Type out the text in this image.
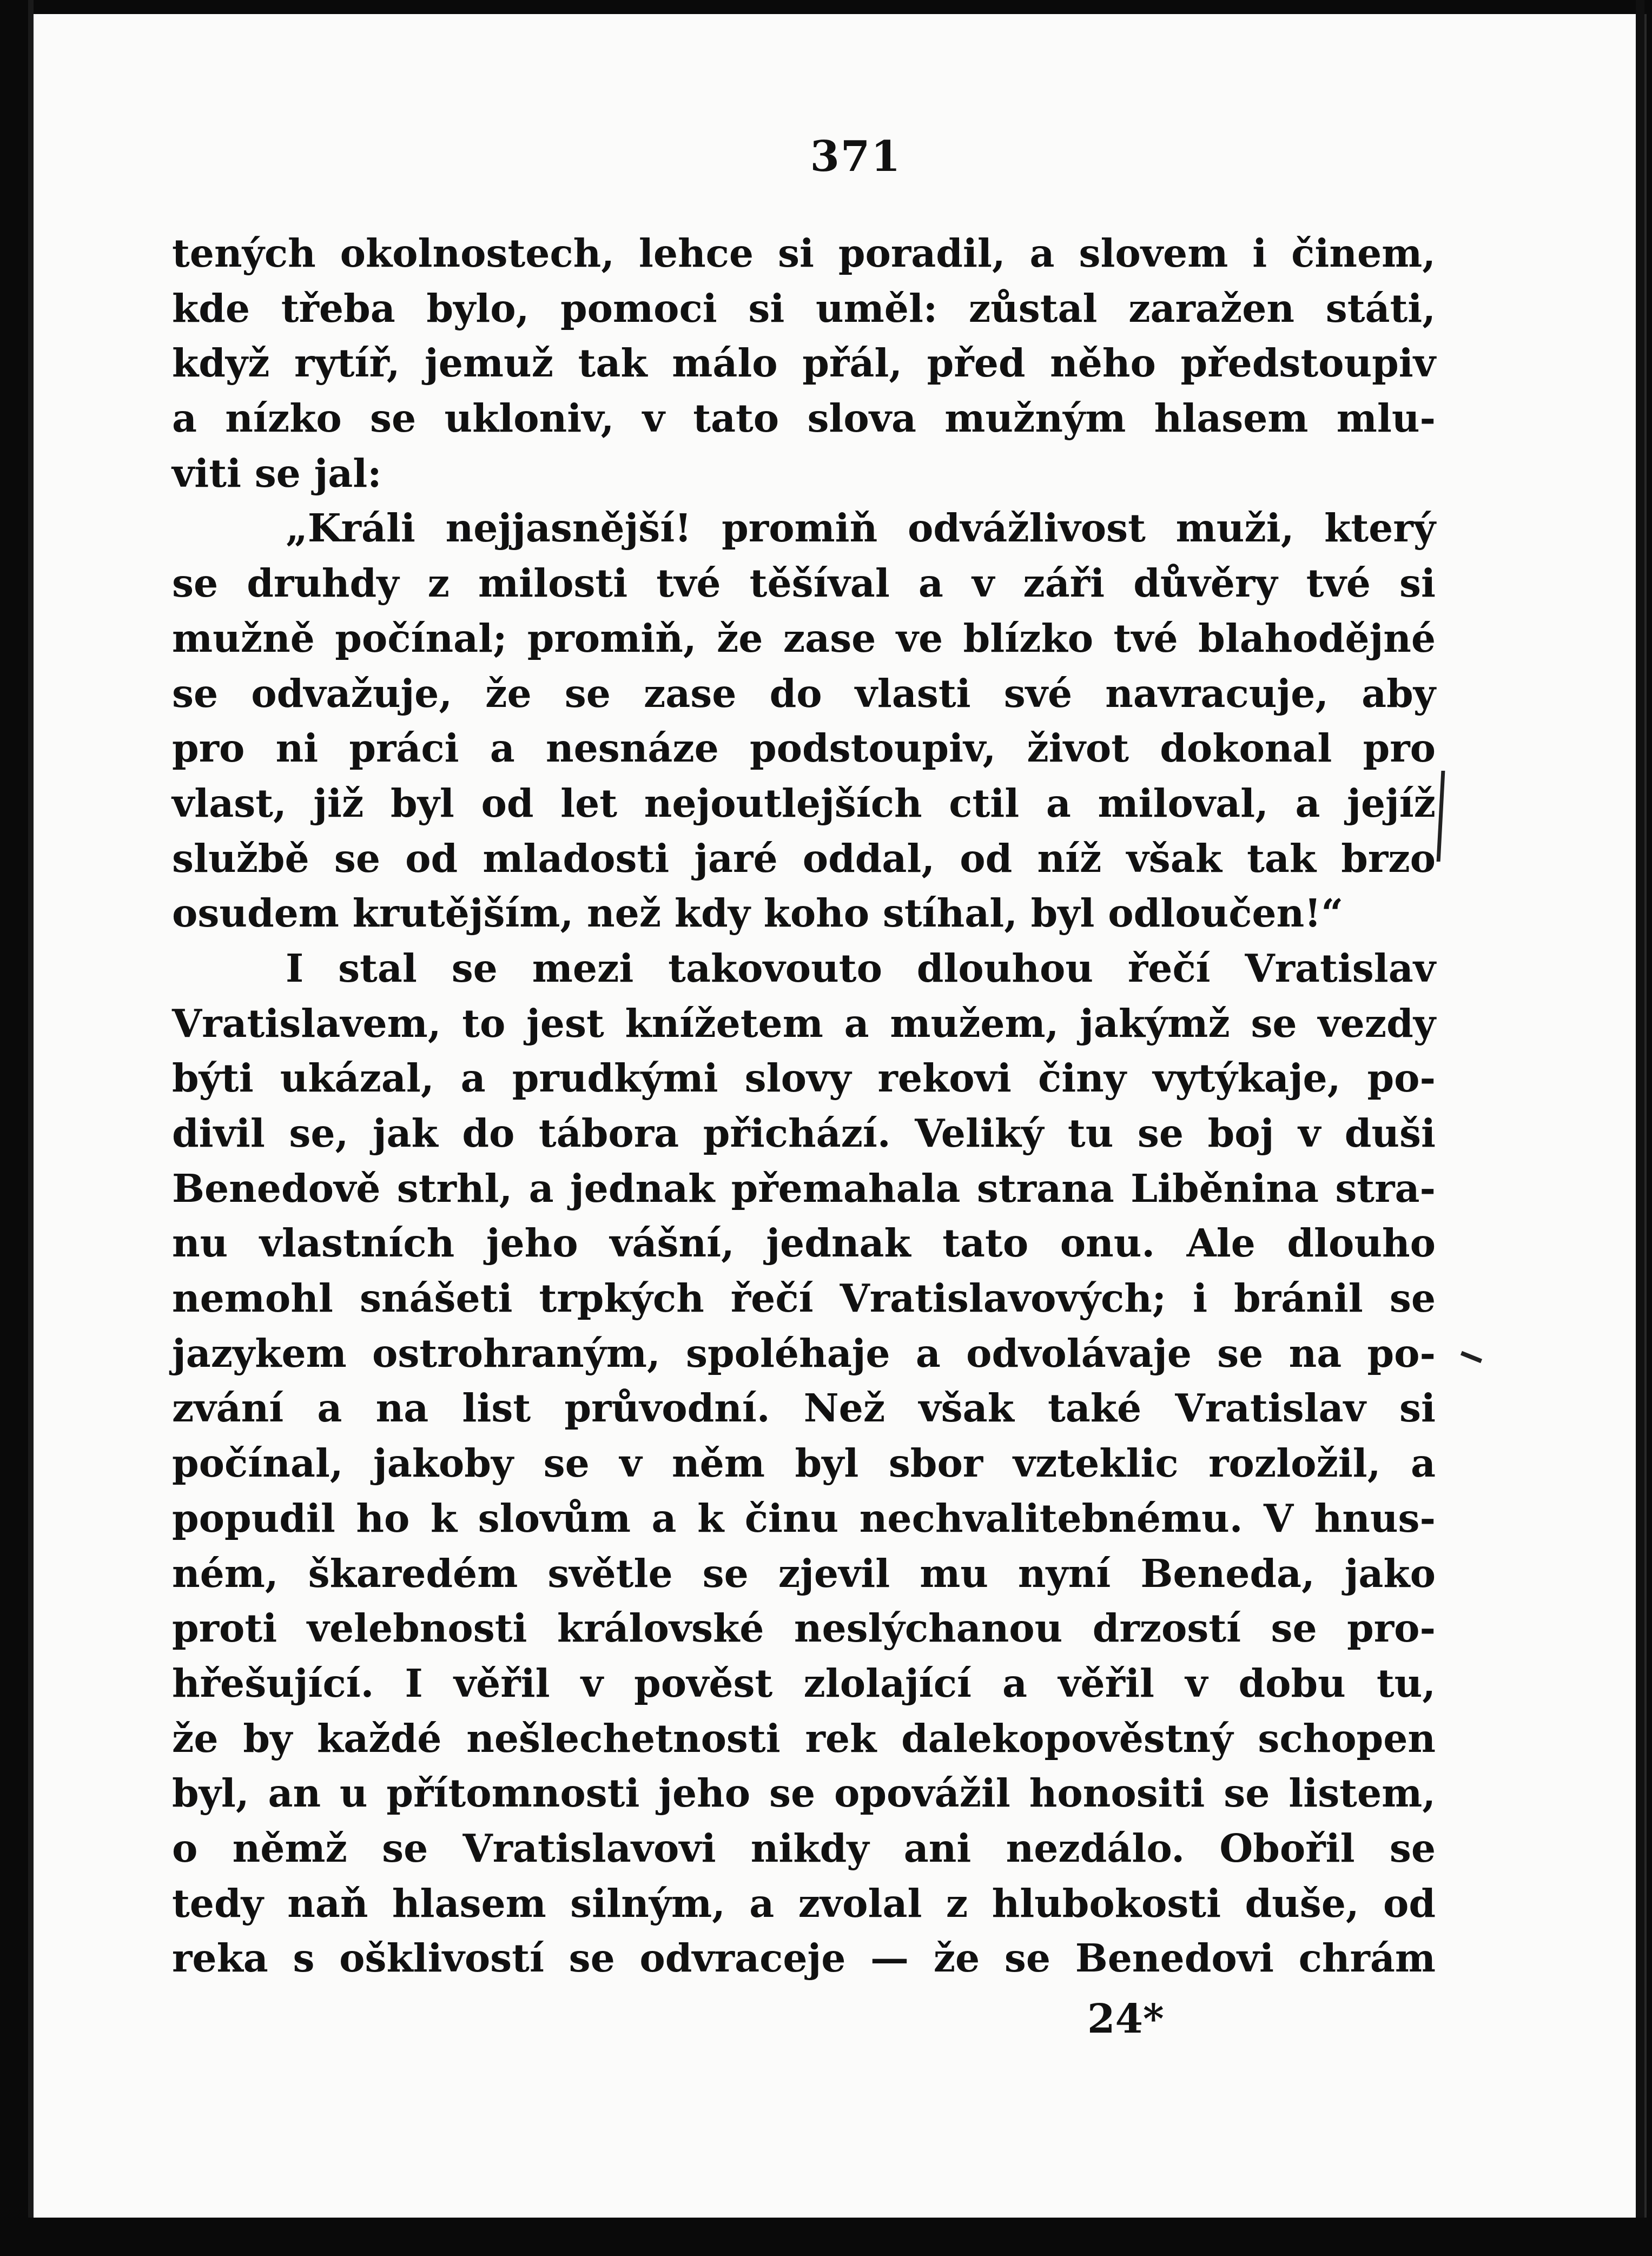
371
tených okolnostech, lehce si poradil, a slovem i činem,
kde třeba bylo, pomoci si uměl: zůstal zaražen státi,
když rytíř, jemuž tak málo přál, před něho předstoupiv
a nízko se ukloniv, v tato slova mužným hlasem mlu-
viti se jal:
„Králi nejjasnější! promiň odvážlivost muži, který
se druhdy z milosti tvé těšíval a v záři důvěry tvé si
mužně počínal; promiň, že zase ve blízko tvé blahodějné
se odvažuje, že se zase do vlasti své navracuje, aby
pro ni práci a nesnáze podstoupiv, život dokonal pro
vlast, již byl od let nejoutlejších ctil a miloval, a jejíž
službě se od mladosti jaré oddal, od níž však tak brzo
osudem krutějším, než kdy koho stíhal, byl odloučen!“
I stal se mezi takovouto dlouhou řečí Vratislav
Vratislavem, to jest knížetem a mužem, jakýmž se vezdy
býti ukázal, a prudkými slovy rekovi činy vytýkaje, po-
divil se, jak do tábora přichází. Veliký tu se boj v duši
Benedově strhl, a jednak přemahala strana Liběnina stra-
nu vlastních jeho vášní, jednak tato onu. Ale dlouho
nemohl snášeti trpkých řečí Vratislavových; i bránil se
jazykem ostrohraným, spoléhaje a odvolávaje se na po-
zvání a na list průvodní. Než však také Vratislav si
počínal, jakoby se v něm byl sbor vzteklic rozložil, a
popudil ho k slovům a k činu nechvalitebnému. V hnus-
ném, škaredém světle se zjevil mu nyní Beneda, jako
proti velebnosti královské neslýchanou drzostí se pro-
hřešující. I věřil v pověst zlolající a věřil v dobu tu,
že by každé nešlechetnosti rek dalekopověstný schopen
byl, an u přítomnosti jeho se opovážil honositi se listem,
o němž se Vratislavovi nikdy ani nezdálo. Obořil se
tedy naň hlasem silným, a zvolal z hlubokosti duše, od
reka s ošklivostí se odvraceje — že se Benedovi chrám
24*
